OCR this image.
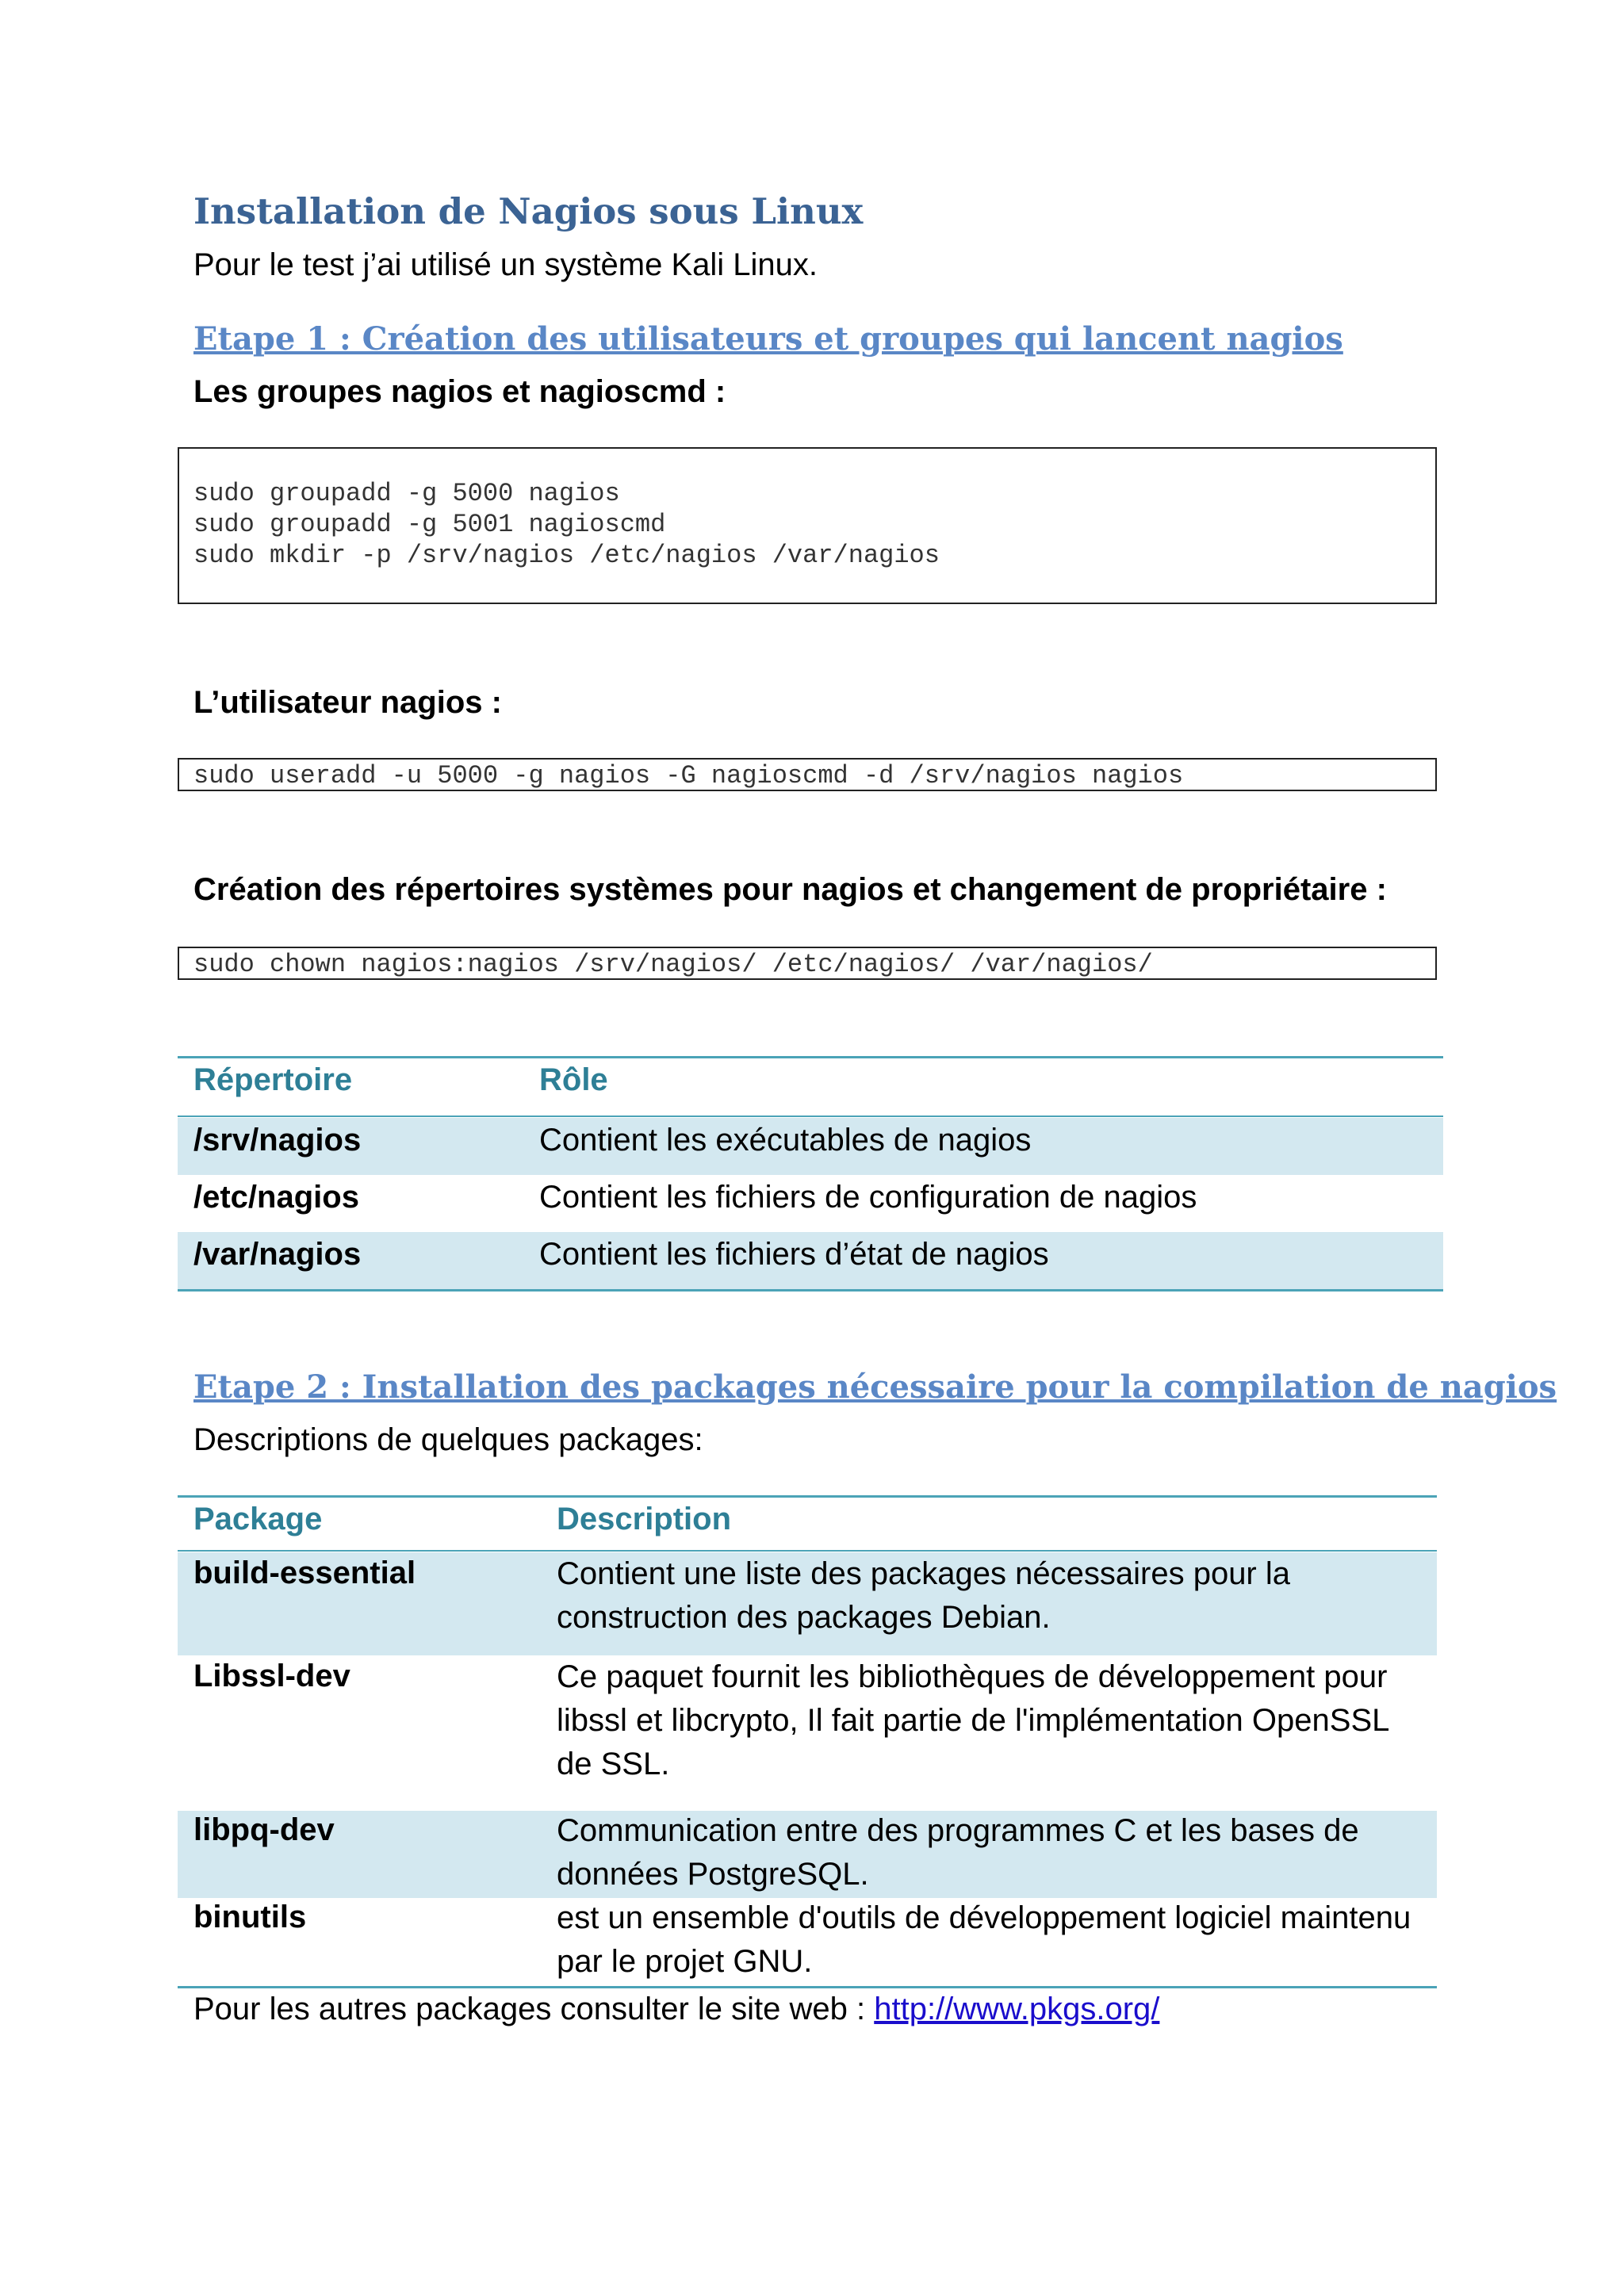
Installation de Nagios sous Linux
Pour le test j’ai utilisé un système Kali Linux.
Etape 1 : Création des utilisateurs et groupes qui lancent nagios
Les groupes nagios et nagioscmd :
sudo groupadd -g 5000 nagios
sudo groupadd -g 5001 nagioscmd
sudo mkdir -p /srv/nagios /etc/nagios /var/nagios
L’utilisateur nagios :
sudo useradd -u 5000 -g nagios -G nagioscmd -d /srv/nagios nagios
Création des répertoires systèmes pour nagios et changement de propriétaire :
sudo chown nagios:nagios /srv/nagios/ /etc/nagios/ /var/nagios/
Répertoire	Rôle
/srv/nagios	Contient les exécutables de nagios
/etc/nagios	Contient les fichiers de configuration de nagios
/var/nagios	Contient les fichiers d’état de nagios
Etape 2 : Installation des packages nécessaire pour la compilation de nagios
Descriptions de quelques packages:
Package	Description
build-essential	Contient une liste des packages nécessaires pour la construction des packages Debian.
Libssl-dev	Ce paquet fournit les bibliothèques de développement pour libssl et libcrypto, Il fait partie de l'implémentation OpenSSL de SSL.
libpq-dev	Communication entre des programmes C et les bases de données PostgreSQL.
binutils	est un ensemble d'outils de développement logiciel maintenu par le projet GNU.
Pour les autres packages consulter le site web : http://www.pkgs.org/
